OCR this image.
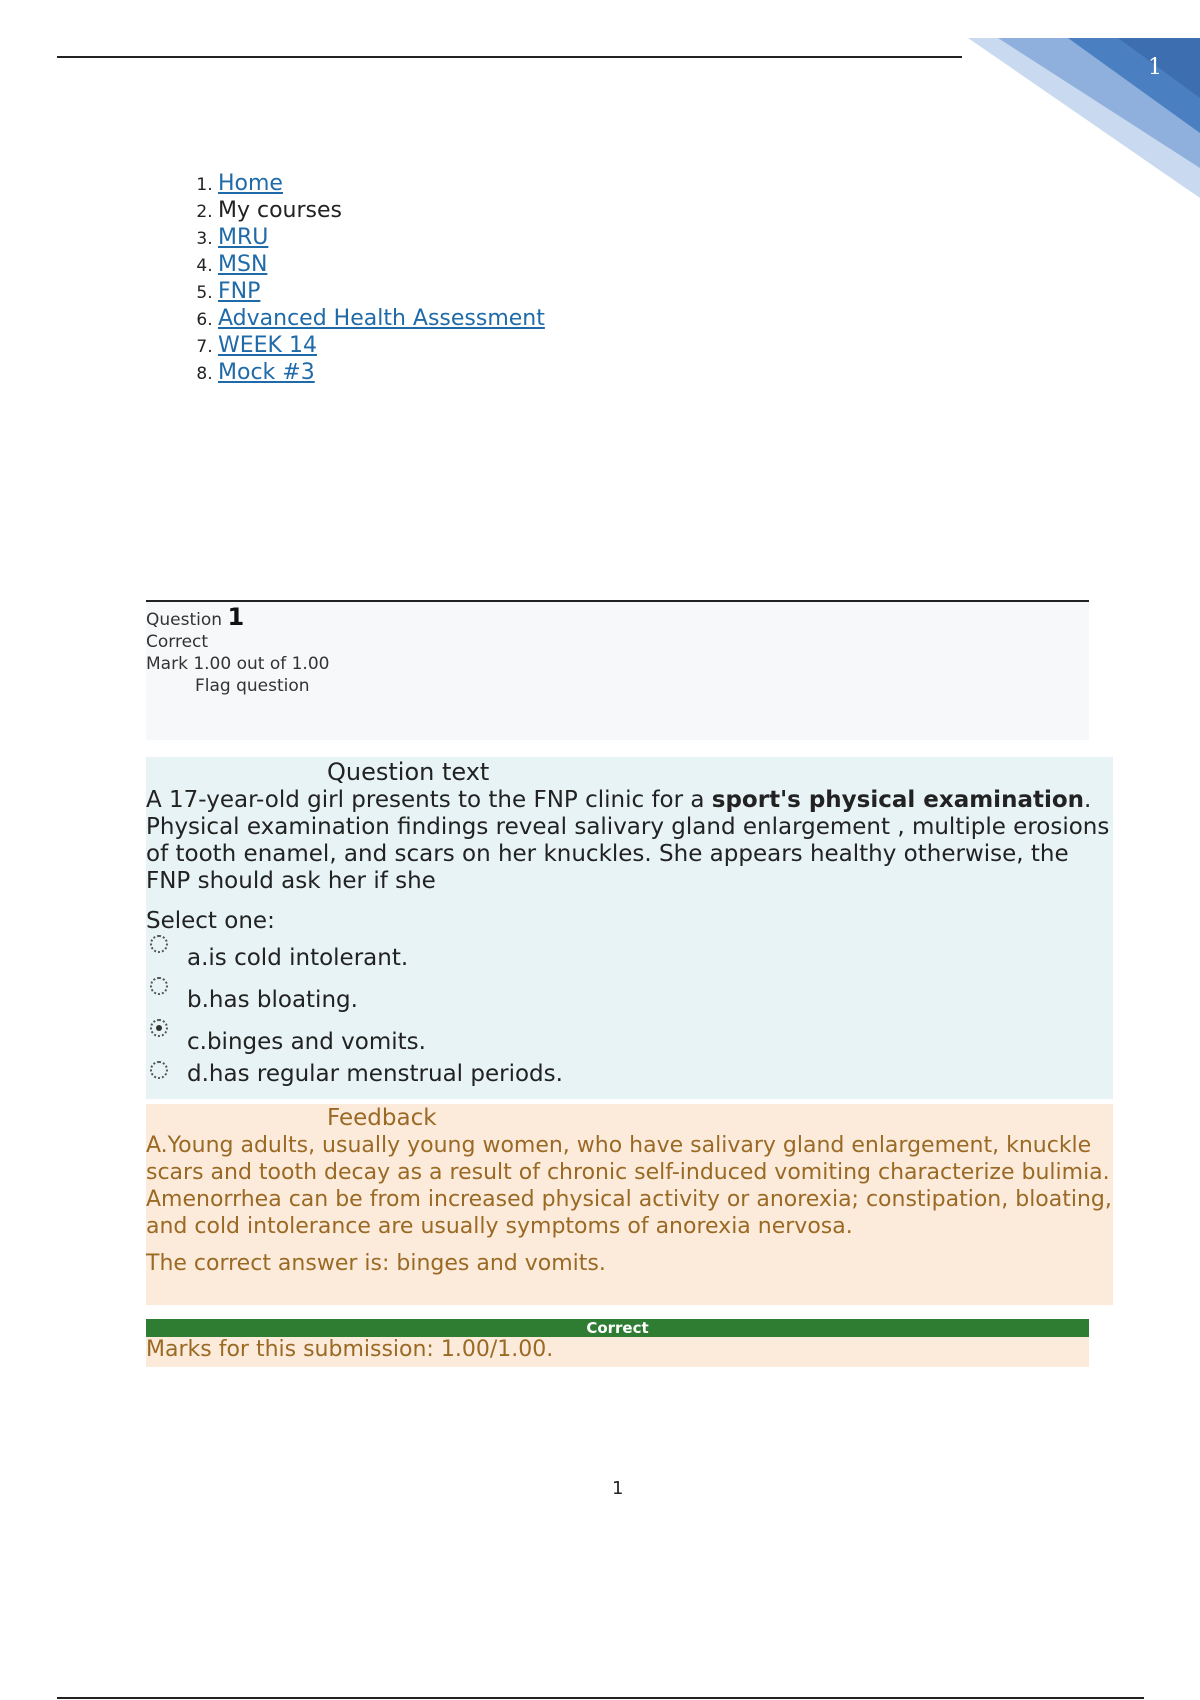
1
1. Home
2. My courses
3. MRU
4. MSN
5. FNP
6. Advanced Health Assessment
7. WEEK 14
8. Mock #3
Question 1
Correct
Mark 1.00 out of 1.00
Flag question
Question text

A 17-year-old girl presents to the FNP clinic for a sport's physical examination. Physical examination findings reveal salivary gland enlargement , multiple erosions of tooth enamel, and scars on her knuckles. She appears healthy otherwise, the FNP should ask her if she

Select one:
a.is cold intolerant.
b.has bloating.
c.binges and vomits.
d.has regular menstrual periods.
Feedback

A.Young adults, usually young women, who have salivary gland enlargement, knuckle scars and tooth decay as a result of chronic self-induced vomiting characterize bulimia. Amenorrhea can be from increased physical activity or anorexia; constipation, bloating, and cold intolerance are usually symptoms of anorexia nervosa.

The correct answer is: binges and vomits.
Correct
Marks for this submission: 1.00/1.00.
1
